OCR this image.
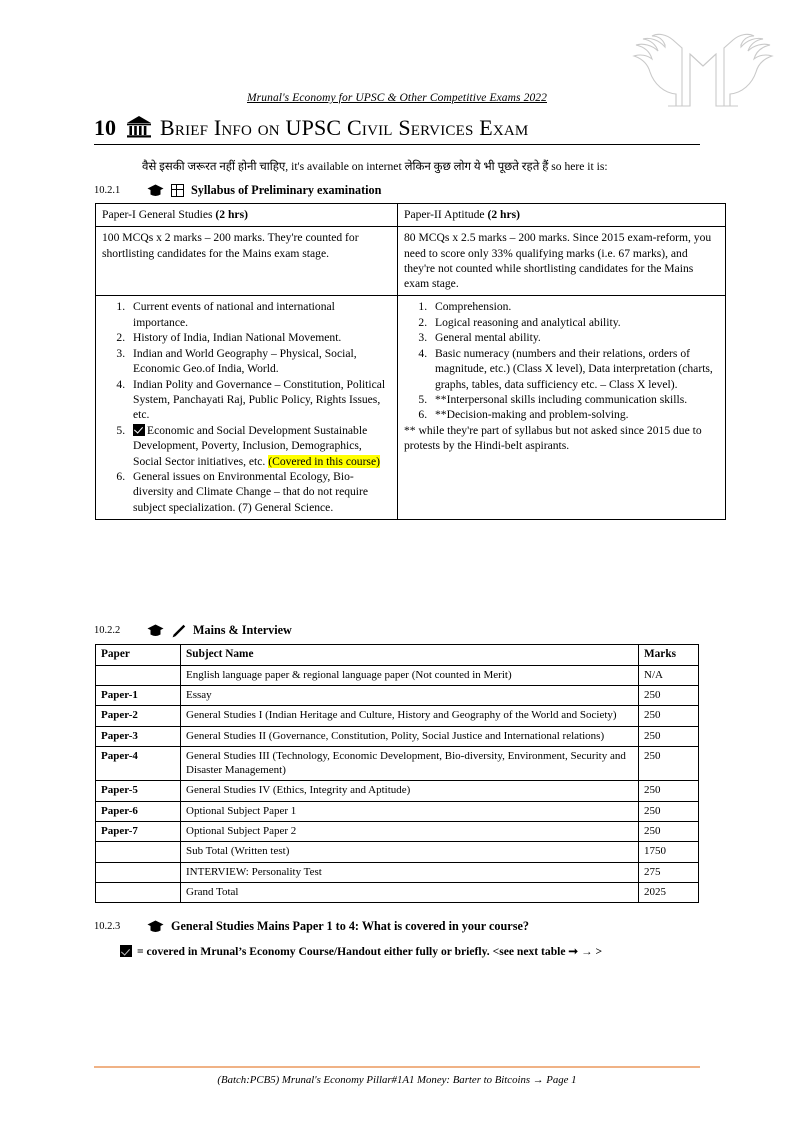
Mrunal's Economy for UPSC & Other Competitive Exams 2022
10 Brief Info on UPSC Civil Services Exam
वैसे इसकी जरूरत नहीं होनी चाहिए, it's available on internet लेकिन कुछ लोग ये भी पूछते रहते हैं so here it is:
10.2.1	Syllabus of Preliminary examination
Paper-I General Studies (2 hrs)	Paper-II Aptitude (2 hrs)
100 MCQs x 2 marks – 200 marks. They're counted for shortlisting candidates for the Mains exam stage.	80 MCQs x 2.5 marks – 200 marks. Since 2015 exam-reform, you need to score only 33% qualifying marks (i.e. 67 marks), and they're not counted while shortlisting candidates for the Mains exam stage.

1. Current events of national and international importance.
2. History of India, Indian National Movement.
3. Indian and World Geography – Physical, Social, Economic Geo.of India, World.
4. Indian Polity and Governance – Constitution, Political System, Panchayati Raj, Public Policy, Rights Issues, etc.
5. Economic and Social Development Sustainable Development, Poverty, Inclusion, Demographics, Social Sector initiatives, etc. (Covered in this course)
6. General issues on Environmental Ecology, Bio-diversity and Climate Change – that do not require subject specialization. (7) General Science.

1. Comprehension.
2. Logical reasoning and analytical ability.
3. General mental ability.
4. Basic numeracy (numbers and their relations, orders of magnitude, etc.) (Class X level), Data interpretation (charts, graphs, tables, data sufficiency etc. – Class X level).
5. **Interpersonal skills including communication skills.
6. **Decision-making and problem-solving.
** while they're part of syllabus but not asked since 2015 due to protests by the Hindi-belt aspirants.
10.2.2	Mains & Interview
Paper	Subject Name	Marks
	English language paper & regional language paper (Not counted in Merit)	N/A
Paper-1	Essay	250
Paper-2	General Studies I (Indian Heritage and Culture, History and Geography of the World and Society)	250
Paper-3	General Studies II (Governance, Constitution, Polity, Social Justice and International relations)	250
Paper-4	General Studies III (Technology, Economic Development, Bio-diversity, Environment, Security and Disaster Management)	250
Paper-5	General Studies IV (Ethics, Integrity and Aptitude)	250
Paper-6	Optional Subject Paper 1	250
Paper-7	Optional Subject Paper 2	250
	Sub Total (Written test)	1750
	INTERVIEW: Personality Test	275
	Grand Total	2025
10.2.3	General Studies Mains Paper 1 to 4: What is covered in your course?
= covered in Mrunal’s Economy Course/Handout either fully or briefly. <see next table ➞ → >
(Batch:PCB5) Mrunal's Economy Pillar#1A1 Money: Barter to Bitcoins → Page 1
